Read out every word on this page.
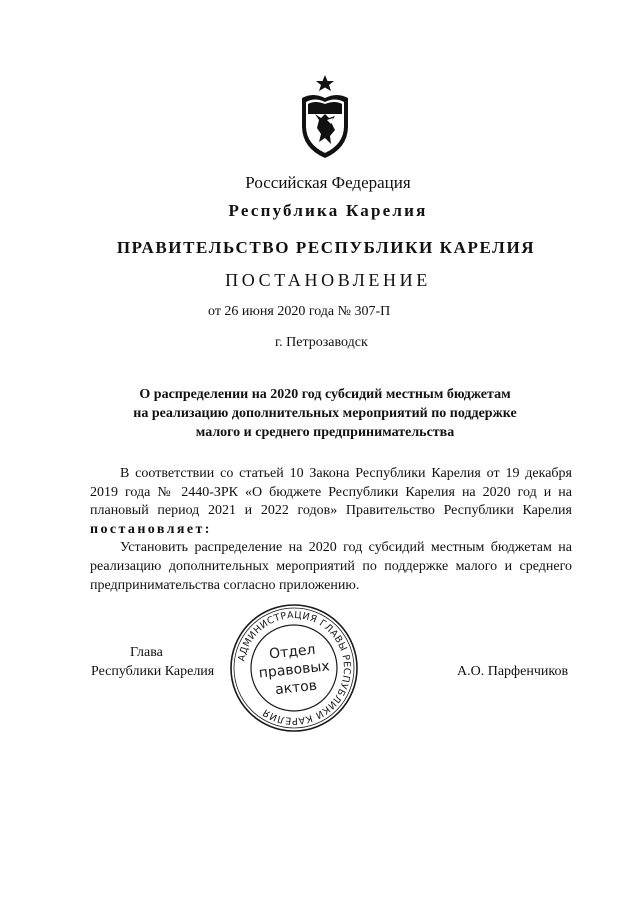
Российская Федерация
Республика Карелия
ПРАВИТЕЛЬСТВО РЕСПУБЛИКИ КАРЕЛИЯ
ПОСТАНОВЛЕНИЕ
от 26 июня 2020 года № 307-П
г. Петрозаводск
О распределении на 2020 год субсидий местным бюджетам
на реализацию дополнительных мероприятий по поддержке
малого и среднего предпринимательства

В соответствии со статьей 10 Закона Республики Карелия от 19 декабря 2019 года № 2440-ЗРК «О бюджете Республики Карелия на 2020 год и на плановый период 2021 и 2022 годов» Правительство Республики Карелия постановляет:

Установить распределение на 2020 год субсидий местным бюджетам на реализацию дополнительных мероприятий по поддержке малого и среднего предпринимательства согласно приложению.

Глава
Республики Карелия	А.О. Парфенчиков
АДМИНИСТРАЦИЯ ГЛАВЫ РЕСПУБЛИКИ КАРЕЛИЯ
Отдел
правовых
актов
